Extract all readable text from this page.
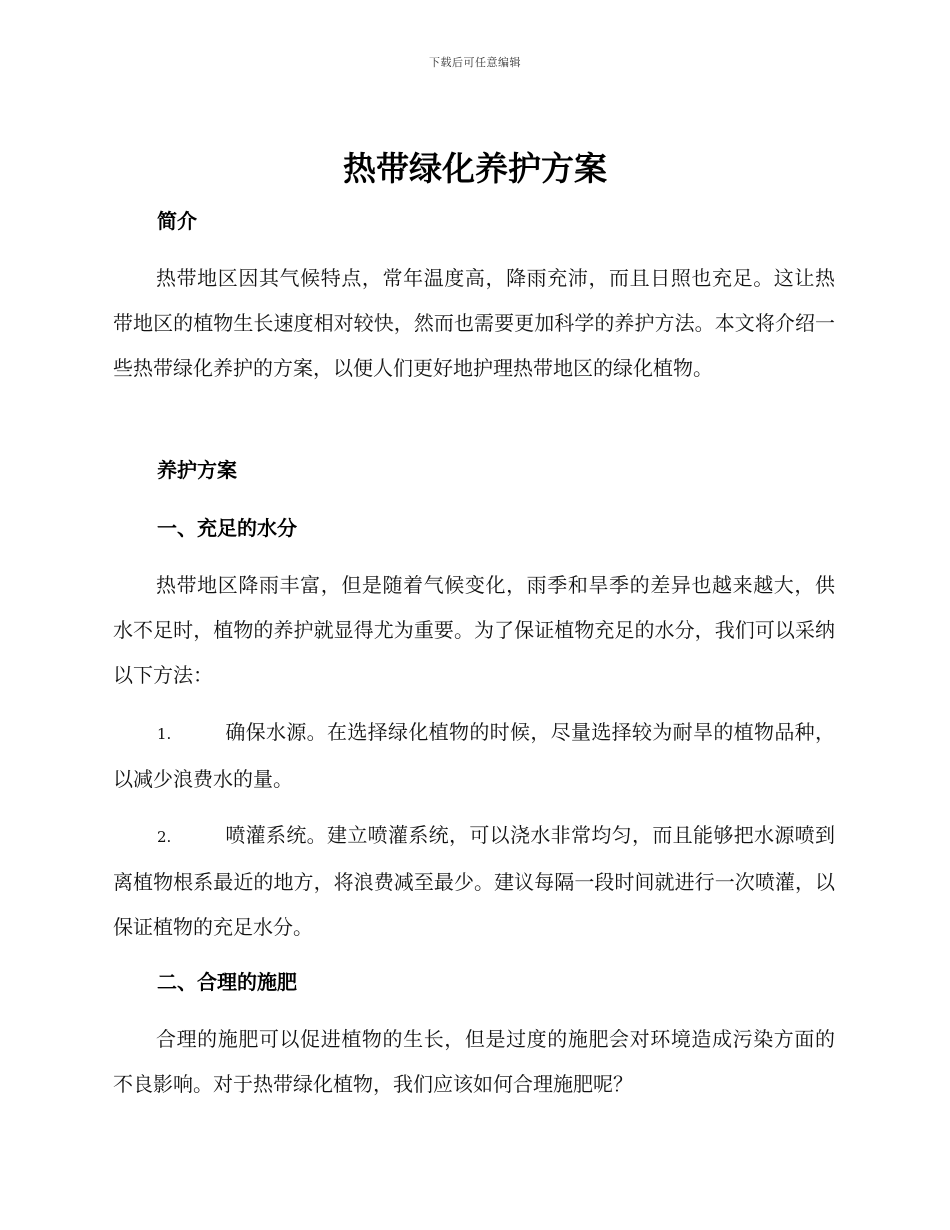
下载后可任意编辑
热带绿化养护方案
简介

热带地区因其气候特点，常年温度高，降雨充沛，而且日照也充足。这让热带地区的植物生长速度相对较快，然而也需要更加科学的养护方法。本文将介绍一些热带绿化养护的方案，以便人们更好地护理热带地区的绿化植物。

养护方案
一、充足的水分

热带地区降雨丰富，但是随着气候变化，雨季和旱季的差异也越来越大，供水不足时，植物的养护就显得尤为重要。为了保证植物充足的水分，我们可以采纳以下方法：

1.	确保水源。在选择绿化植物的时候，尽量选择较为耐旱的植物品种，以减少浪费水的量。

2.	喷灌系统。建立喷灌系统，可以浇水非常均匀，而且能够把水源喷到离植物根系最近的地方，将浪费减至最少。建议每隔一段时间就进行一次喷灌，以保证植物的充足水分。

二、合理的施肥

合理的施肥可以促进植物的生长，但是过度的施肥会对环境造成污染方面的不良影响。对于热带绿化植物，我们应该如何合理施肥呢？
